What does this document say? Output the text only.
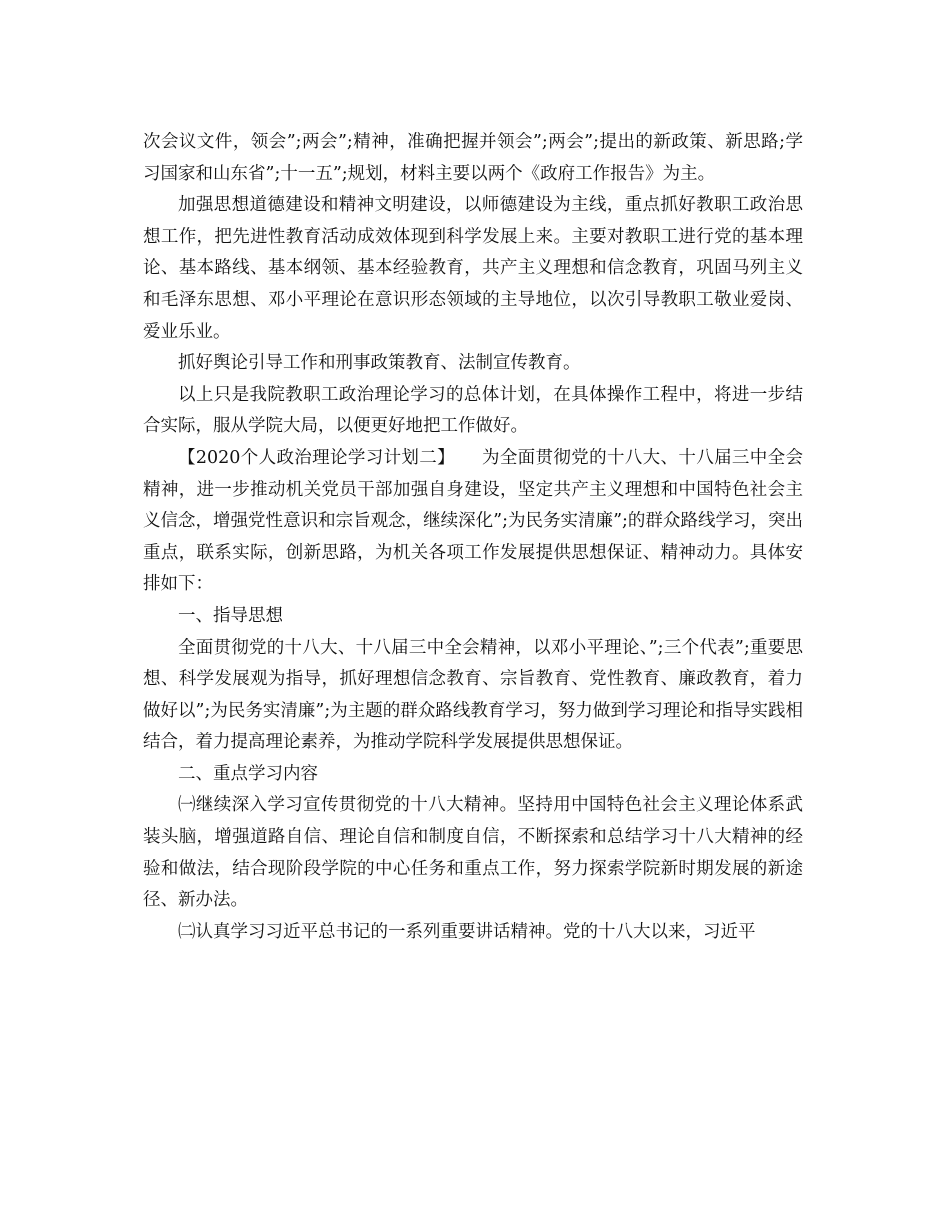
次会议文件，领会”;两会”;精神，准确把握并领会”;两会”;提出的新政策、新思路;学习国家和山东省”;十一五”;规划，材料主要以两个《政府工作报告》为主。

加强思想道德建设和精神文明建设，以师德建设为主线，重点抓好教职工政治思想工作，把先进性教育活动成效体现到科学发展上来。主要对教职工进行党的基本理论、基本路线、基本纲领、基本经验教育，共产主义理想和信念教育，巩固马列主义和毛泽东思想、邓小平理论在意识形态领域的主导地位，以次引导教职工敬业爱岗、爱业乐业。

抓好舆论引导工作和刑事政策教育、法制宣传教育。

以上只是我院教职工政治理论学习的总体计划，在具体操作工程中，将进一步结合实际，服从学院大局，以便更好地把工作做好。

【2020个人政治理论学习计划二】　　为全面贯彻党的十八大、十八届三中全会精神，进一步推动机关党员干部加强自身建设，坚定共产主义理想和中国特色社会主义信念，增强党性意识和宗旨观念，继续深化”;为民务实清廉”;的群众路线学习，突出重点，联系实际，创新思路，为机关各项工作发展提供思想保证、精神动力。具体安排如下：

一、指导思想

全面贯彻党的十八大、十八届三中全会精神，以邓小平理论、”;三个代表”;重要思想、科学发展观为指导，抓好理想信念教育、宗旨教育、党性教育、廉政教育，着力做好以”;为民务实清廉”;为主题的群众路线教育学习，努力做到学习理论和指导实践相结合，着力提高理论素养，为推动学院科学发展提供思想保证。

二、重点学习内容

㈠继续深入学习宣传贯彻党的十八大精神。坚持用中国特色社会主义理论体系武装头脑，增强道路自信、理论自信和制度自信，不断探索和总结学习十八大精神的经验和做法，结合现阶段学院的中心任务和重点工作，努力探索学院新时期发展的新途径、新办法。

㈡认真学习习近平总书记的一系列重要讲话精神。党的十八大以来，习近平
